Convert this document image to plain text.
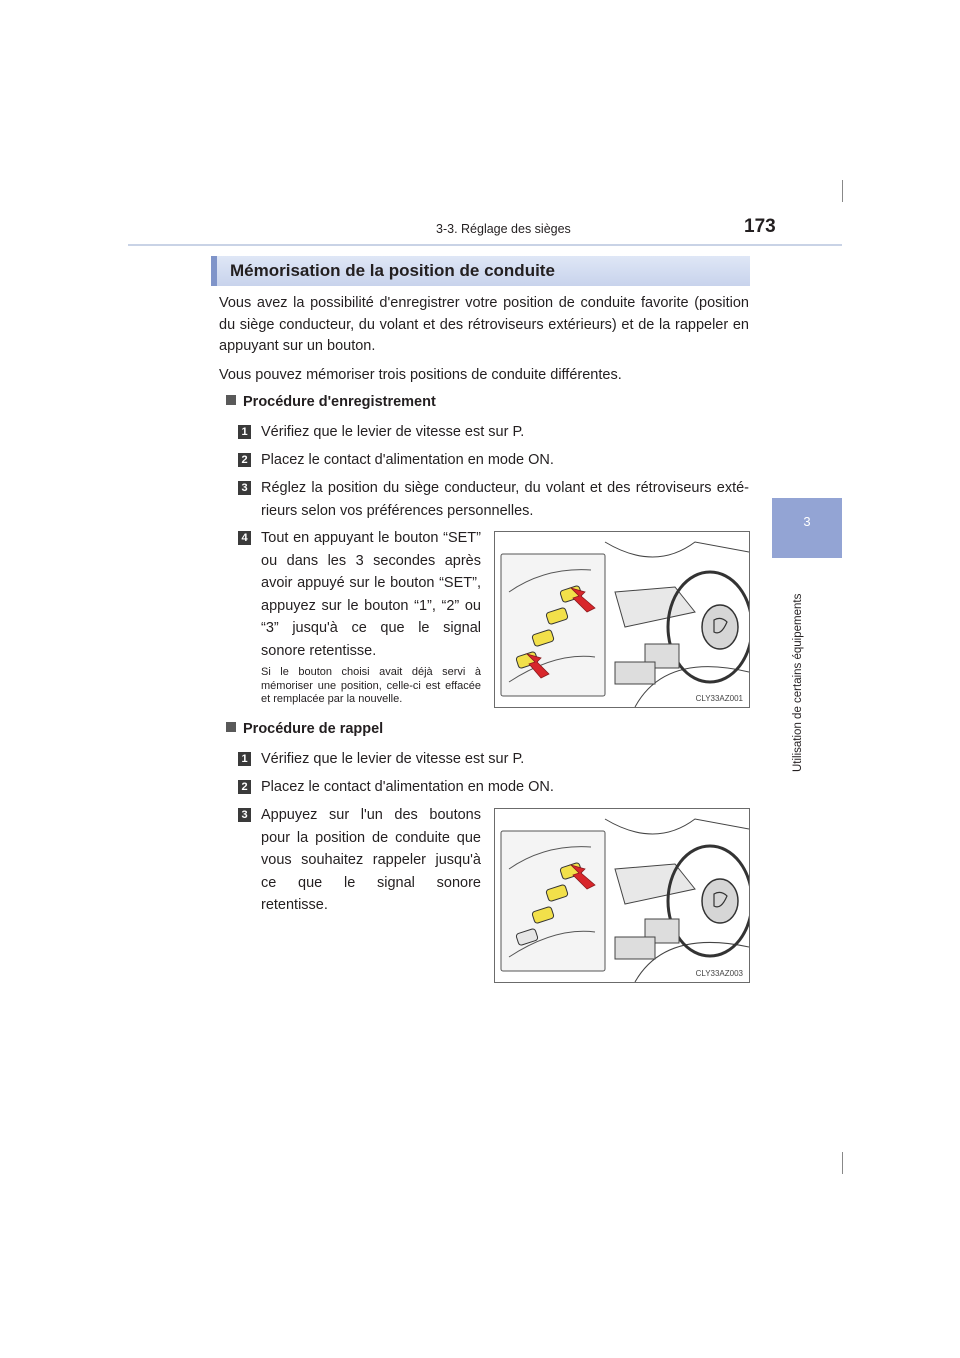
3-3. Réglage des sièges	173
3
Utilisation de certains équipements
Mémorisation de la position de conduite
Vous avez la possibilité d'enregistrer votre position de conduite favorite (position du siège conducteur, du volant et des rétroviseurs extérieurs) et de la rappeler en appuyant sur un bouton.
Vous pouvez mémoriser trois positions de conduite différentes.
Procédure d'enregistrement
1 Vérifiez que le levier de vitesse est sur P.
2 Placez le contact d'alimentation en mode ON.
3 Réglez la position du siège conducteur, du volant et des rétroviseurs exté-rieurs selon vos préférences personnelles.
4 Tout en appuyant le bouton “SET” ou dans les 3 secondes après avoir appuyé sur le bouton “SET”, appuyez sur le bouton “1”, “2” ou “3” jusqu'à ce que le signal sonore retentisse.
Si le bouton choisi avait déjà servi à mémoriser une position, celle-ci est effacée et remplacée par la nouvelle.	CLY33AZ001
Procédure de rappel
1 Vérifiez que le levier de vitesse est sur P.
2 Placez le contact d'alimentation en mode ON.
3 Appuyez sur l'un des boutons pour la position de conduite que vous souhaitez rappeler jusqu'à ce que le signal sonore retentisse.
CLY33AZ003
